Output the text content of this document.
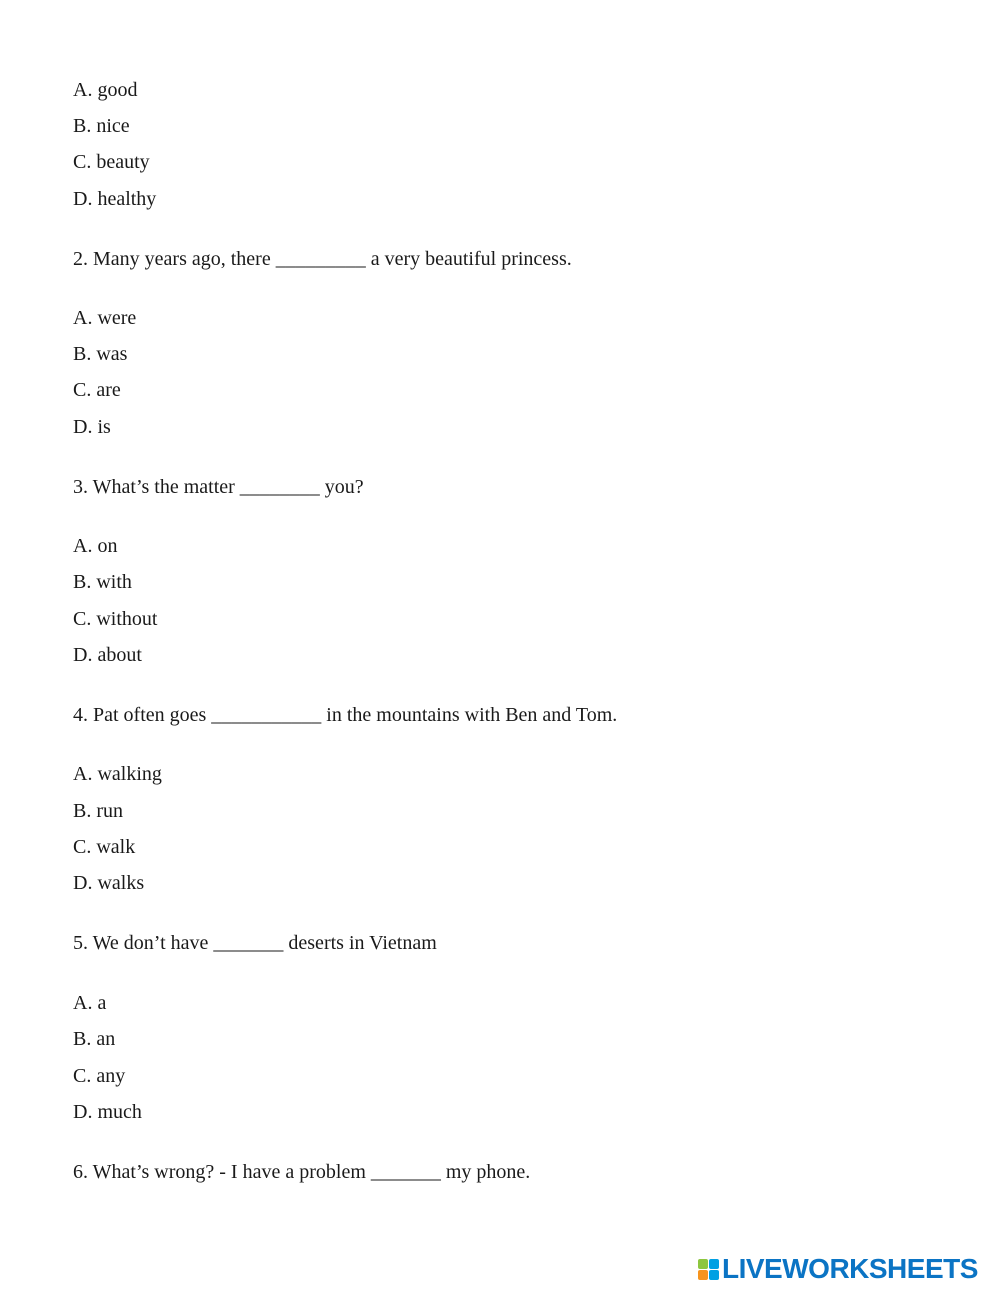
A. good
B. nice
C. beauty
D. healthy
2. Many years ago, there _________ a very beautiful princess.
A. were
B. was
C. are
D. is
3. What’s the matter ________ you?
A. on
B. with
C. without
D. about
4. Pat often goes ___________ in the mountains with Ben and Tom.
A. walking
B. run
C. walk
D. walks
5. We don’t have _______ deserts in Vietnam
A. a
B. an
C. any
D. much
6. What’s wrong? - I have a problem _______ my phone.
LIVEWORKSHEETS
